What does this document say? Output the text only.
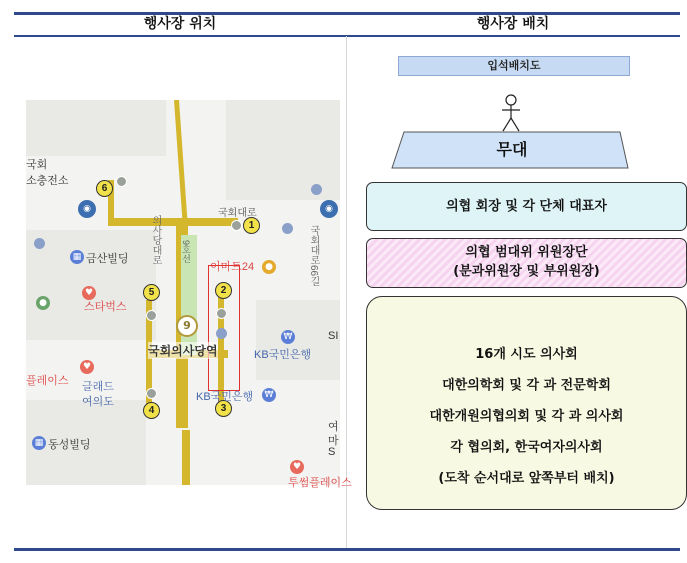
행사장 위치	행사장 배치
1
2
3
4
5
6
9
◉	◉
▦
♥
●
♥
▦
₩
₩
●
♥
국회
소충전소
국회대로
이마트24
금산빌딩
스타벅스
국회의사당역	KB국민은행
KB국민은행
플레이스 글래드
여의도
동성빌딩
투썸플레이스
SI
여
마
S
의사당대로	국회대로66길
9호선
입석배치도
무대
의협 회장 및 각 단체 대표자
의협 범대위 위원장단
(분과위원장 및 부위원장)
16개 시도 의사회
대한의학회 및 각 과 전문학회
대한개원의협의회 및 각 과 의사회
각 협의회, 한국여자의사회
(도착 순서대로 앞쪽부터 배치)
